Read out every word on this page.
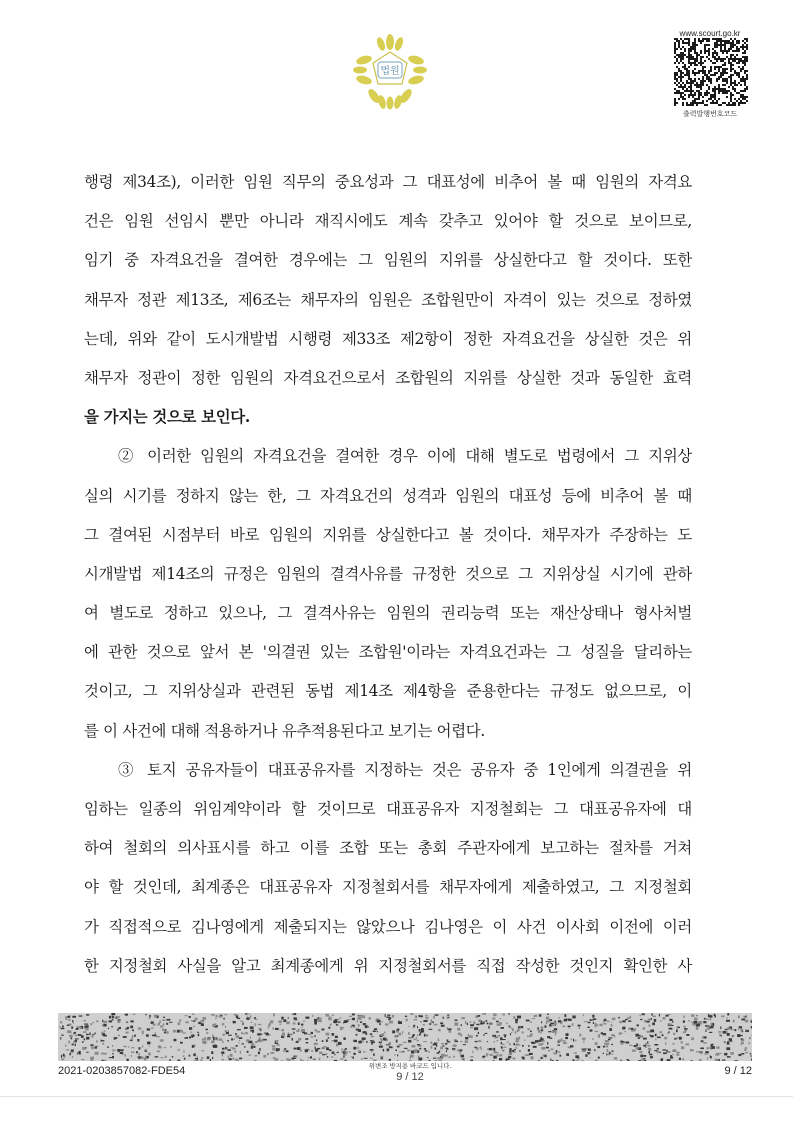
법원
www.scourt.go.kr
출력발행번호코드
행령 제34조), 이러한 임원 직무의 중요성과 그 대표성에 비추어 볼 때 임원의 자격요
건은 임원 선임시 뿐만 아니라 재직시에도 계속 갖추고 있어야 할 것으로 보이므로,
임기 중 자격요건을 결여한 경우에는 그 임원의 지위를 상실한다고 할 것이다. 또한
채무자 정관 제13조, 제6조는 채무자의 임원은 조합원만이 자격이 있는 것으로 정하였
는데, 위와 같이 도시개발법 시행령 제33조 제2항이 정한 자격요건을 상실한 것은 위
채무자 정관이 정한 임원의 자격요건으로서 조합원의 지위를 상실한 것과 동일한 효력
을 가지는 것으로 보인다.
② 이러한 임원의 자격요건을 결여한 경우 이에 대해 별도로 법령에서 그 지위상
실의 시기를 정하지 않는 한, 그 자격요건의 성격과 임원의 대표성 등에 비추어 볼 때
그 결여된 시점부터 바로 임원의 지위를 상실한다고 볼 것이다. 채무자가 주장하는 도
시개발법 제14조의 규정은 임원의 결격사유를 규정한 것으로 그 지위상실 시기에 관하
여 별도로 정하고 있으나, 그 결격사유는 임원의 권리능력 또는 재산상태나 형사처벌
에 관한 것으로 앞서 본 '의결권 있는 조합원'이라는 자격요건과는 그 성질을 달리하는
것이고, 그 지위상실과 관련된 동법 제14조 제4항을 준용한다는 규정도 없으므로, 이
를 이 사건에 대해 적용하거나 유추적용된다고 보기는 어렵다.
③ 토지 공유자들이 대표공유자를 지정하는 것은 공유자 중 1인에게 의결권을 위
임하는 일종의 위임계약이라 할 것이므로 대표공유자 지정철회는 그 대표공유자에 대
하여 철회의 의사표시를 하고 이를 조합 또는 총회 주관자에게 보고하는 절차를 거쳐
야 할 것인데, 최계종은 대표공유자 지정철회서를 채무자에게 제출하였고, 그 지정철회
가 직접적으로 김나영에게 제출되지는 않았으나 김나영은 이 사건 이사회 이전에 이러
한 지정철회 사실을 알고 최계종에게 위 지정철회서를 직접 작성한 것인지 확인한 사
2021-0203857082-FDE54	위변조 방지용 바코드 입니다.
9 / 12	9 / 12
